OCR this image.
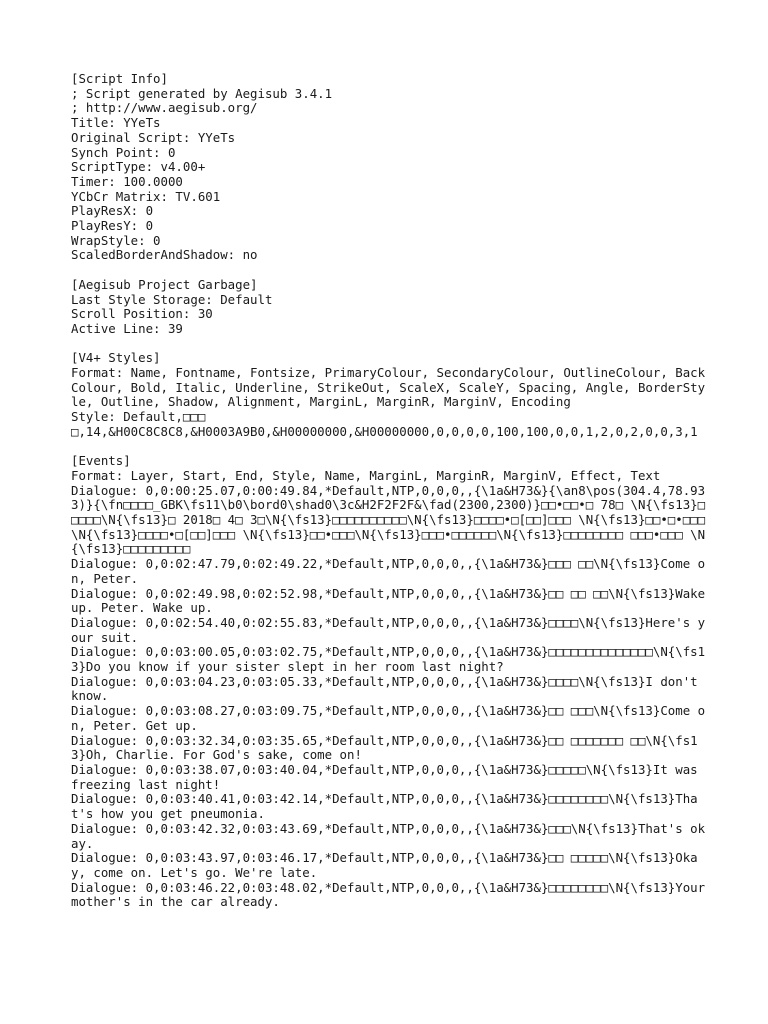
[Script Info]
; Script generated by Aegisub 3.4.1
; http://www.aegisub.org/
Title: YYeTs
Original Script: YYeTs
Synch Point: 0
ScriptType: v4.00+
Timer: 100.0000
YCbCr Matrix: TV.601
PlayResX: 0
PlayResY: 0
WrapStyle: 0
ScaledBorderAndShadow: no
[Aegisub Project Garbage]
Last Style Storage: Default
Scroll Position: 30
Active Line: 39
[V4+ Styles]
Format: Name, Fontname, Fontsize, PrimaryColour, SecondaryColour, OutlineColour, BackColour, Bold, Italic, Underline, StrikeOut, ScaleX, ScaleY, Spacing, Angle, BorderStyle, Outline, Shadow, Alignment, MarginL, MarginR, MarginV, Encoding
Style: Default,□□□
□,14,&H00C8C8C8,&H0003A9B0,&H00000000,&H00000000,0,0,0,0,100,100,0,0,1,2,0,2,0,0,3,1
[Events]
Format: Layer, Start, End, Style, Name, MarginL, MarginR, MarginV, Effect, Text
Dialogue: 0,0:00:25.07,0:00:49.84,*Default,NTP,0,0,0,,{\1a&H73&}{\an8\pos(304.4,78.933)}{\fn□□□□_GBK\fs11\b0\bord0\shad0\3c&H2F2F2F&\fad(2300,2300)}□□•□□•□ 78□ \N{\fs13}□□□□□\N{\fs13}□ 2018□ 4□ 3□\N{\fs13}□□□□□□□□□□\N{\fs13}□□□□•□[□□]□□□ \N{\fs13}□□•□•□□□\N{\fs13}□□□□•□[□□]□□□ \N{\fs13}□□•□□□\N{\fs13}□□□•□□□□□□\N{\fs13}□□□□□□□□ □□□•□□□ \N{\fs13}□□□□□□□□□
Dialogue: 0,0:02:47.79,0:02:49.22,*Default,NTP,0,0,0,,{\1a&H73&}□□□ □□\N{\fs13}Come on, Peter.
Dialogue: 0,0:02:49.98,0:02:52.98,*Default,NTP,0,0,0,,{\1a&H73&}□□ □□ □□\N{\fs13}Wake up. Peter. Wake up.
Dialogue: 0,0:02:54.40,0:02:55.83,*Default,NTP,0,0,0,,{\1a&H73&}□□□□\N{\fs13}Here's your suit.
Dialogue: 0,0:03:00.05,0:03:02.75,*Default,NTP,0,0,0,,{\1a&H73&}□□□□□□□□□□□□□□\N{\fs13}Do you know if your sister slept in her room last night?
Dialogue: 0,0:03:04.23,0:03:05.33,*Default,NTP,0,0,0,,{\1a&H73&}□□□□\N{\fs13}I don't know.
Dialogue: 0,0:03:08.27,0:03:09.75,*Default,NTP,0,0,0,,{\1a&H73&}□□ □□□\N{\fs13}Come on, Peter. Get up.
Dialogue: 0,0:03:32.34,0:03:35.65,*Default,NTP,0,0,0,,{\1a&H73&}□□ □□□□□□□ □□\N{\fs13}Oh, Charlie. For God's sake, come on!
Dialogue: 0,0:03:38.07,0:03:40.04,*Default,NTP,0,0,0,,{\1a&H73&}□□□□□\N{\fs13}It was freezing last night!
Dialogue: 0,0:03:40.41,0:03:42.14,*Default,NTP,0,0,0,,{\1a&H73&}□□□□□□□□\N{\fs13}That's how you get pneumonia.
Dialogue: 0,0:03:42.32,0:03:43.69,*Default,NTP,0,0,0,,{\1a&H73&}□□□\N{\fs13}That's okay.
Dialogue: 0,0:03:43.97,0:03:46.17,*Default,NTP,0,0,0,,{\1a&H73&}□□ □□□□□\N{\fs13}Okay, come on. Let's go. We're late.
Dialogue: 0,0:03:46.22,0:03:48.02,*Default,NTP,0,0,0,,{\1a&H73&}□□□□□□□□\N{\fs13}Your mother's in the car already.
